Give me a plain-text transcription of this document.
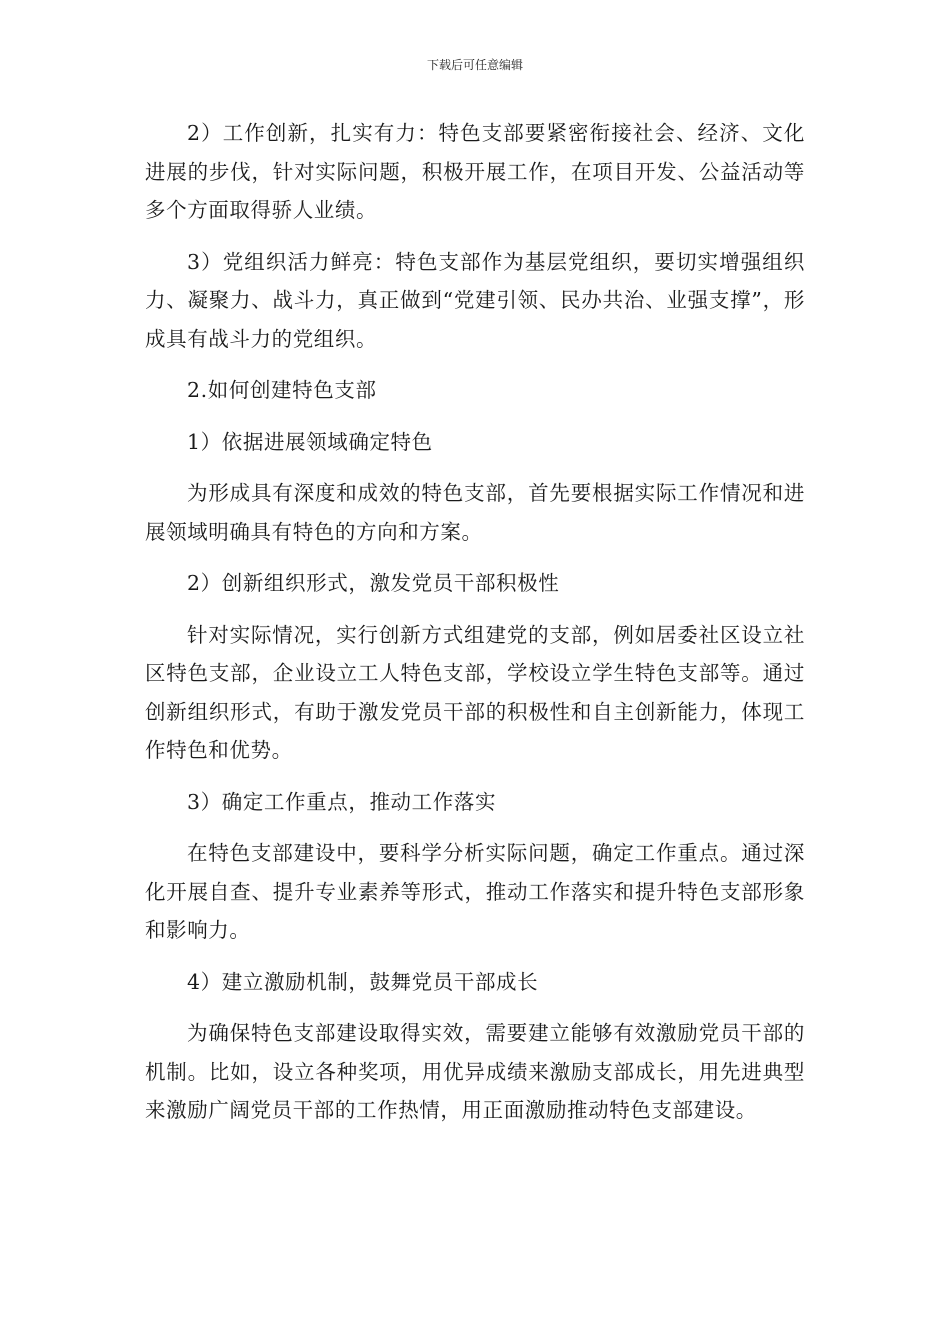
下载后可任意编辑

2）工作创新，扎实有力：特色支部要紧密衔接社会、经济、文化进展的步伐，针对实际问题，积极开展工作，在项目开发、公益活动等多个方面取得骄人业绩。

3）党组织活力鲜亮：特色支部作为基层党组织，要切实增强组织力、凝聚力、战斗力，真正做到“党建引领、民办共治、业强支撑”，形成具有战斗力的党组织。

2.如何创建特色支部

1）依据进展领域确定特色

为形成具有深度和成效的特色支部，首先要根据实际工作情况和进展领域明确具有特色的方向和方案。

2）创新组织形式，激发党员干部积极性

针对实际情况，实行创新方式组建党的支部，例如居委社区设立社区特色支部，企业设立工人特色支部，学校设立学生特色支部等。通过创新组织形式，有助于激发党员干部的积极性和自主创新能力，体现工作特色和优势。

3）确定工作重点，推动工作落实

在特色支部建设中，要科学分析实际问题，确定工作重点。通过深化开展自查、提升专业素养等形式，推动工作落实和提升特色支部形象和影响力。

4）建立激励机制，鼓舞党员干部成长

为确保特色支部建设取得实效，需要建立能够有效激励党员干部的机制。比如，设立各种奖项，用优异成绩来激励支部成长，用先进典型来激励广阔党员干部的工作热情，用正面激励推动特色支部建设。
